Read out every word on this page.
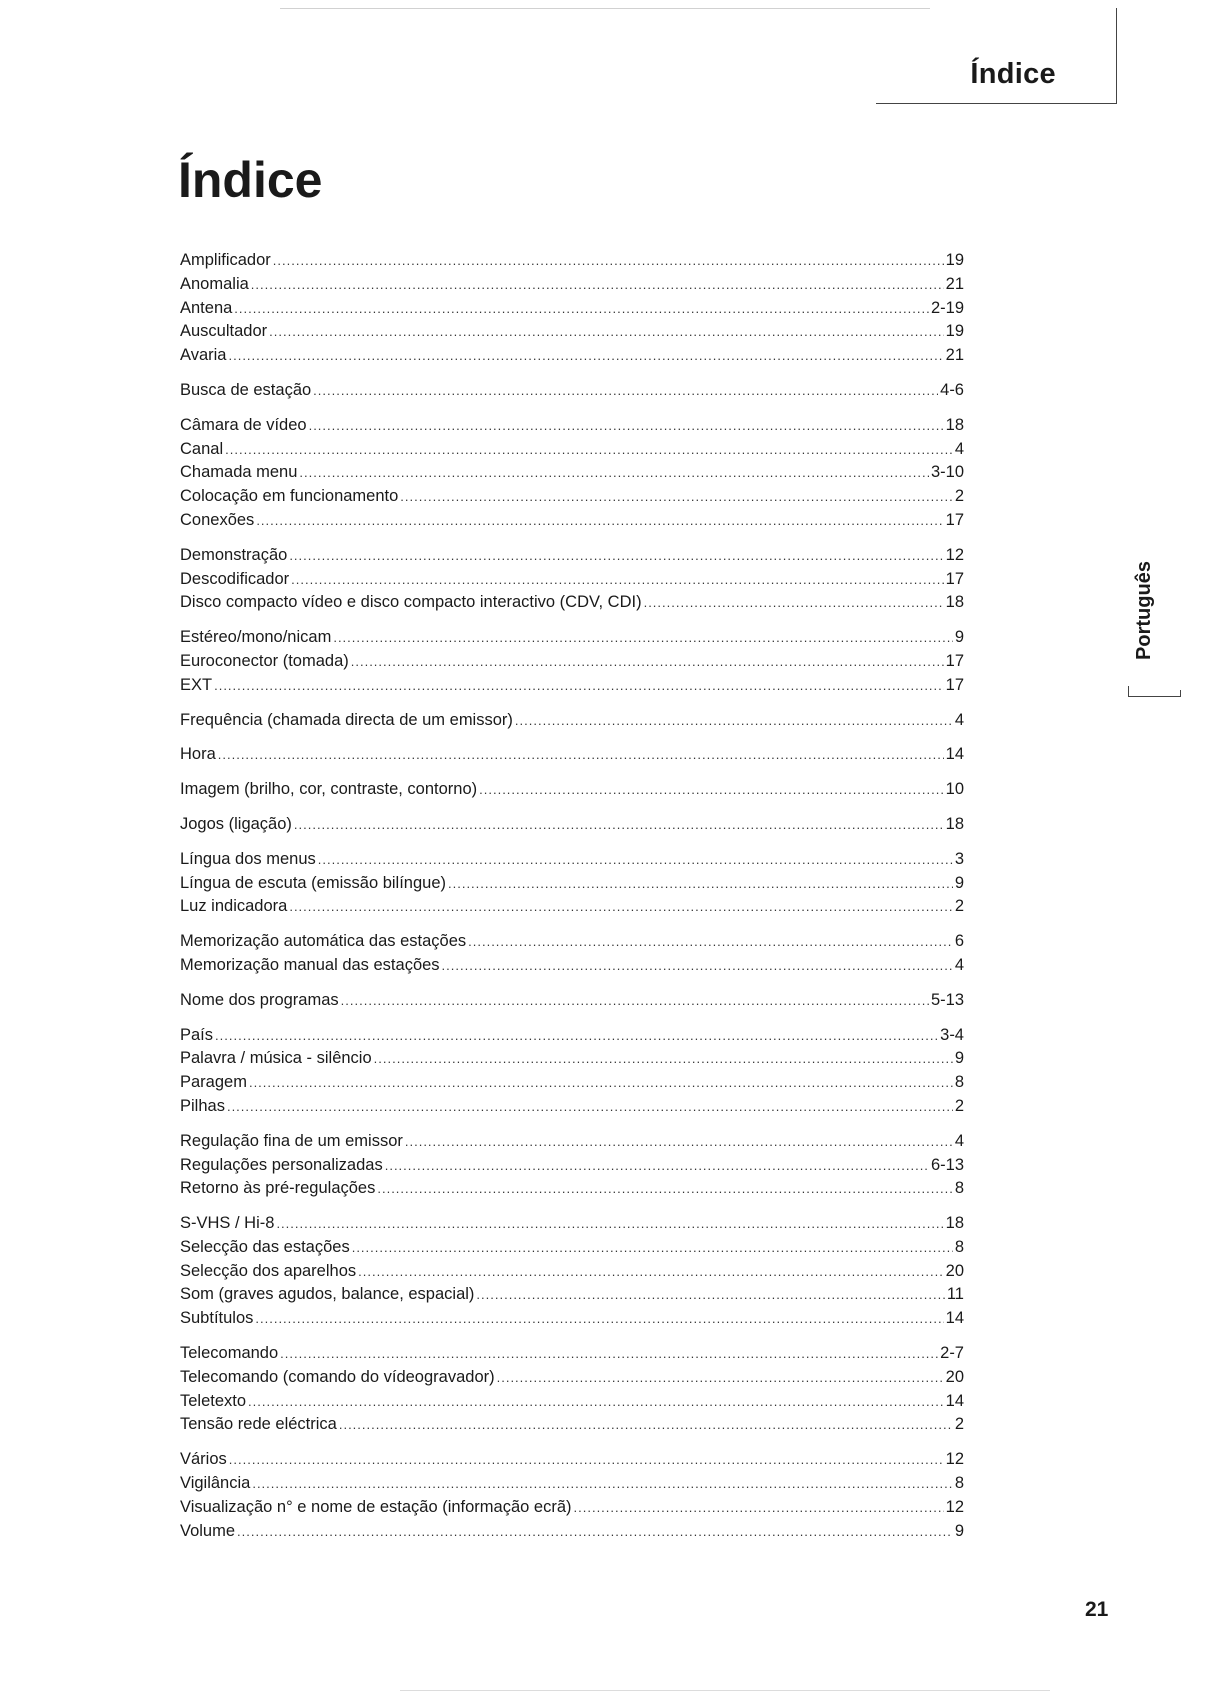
Índice
Índice
Amplificador .....	19
Anomalia .....	21
Antena .....	2-19
Auscultador .....	19
Avaria .....	21
Busca de estação .....	4-6
Câmara de vídeo .....	18
Canal .....	4
Chamada menu .....	3-10
Colocação em funcionamento .....	2
Conexões .....	17
Demonstração .....	12
Descodificador .....	17
Disco compacto vídeo e disco compacto interactivo (CDV, CDI) .....	18
Estéreo/mono/nicam .....	9
Euroconector (tomada) .....	17
EXT .....	17
Frequência (chamada directa de um emissor) .....	4
Hora .....	14
Imagem (brilho, cor, contraste, contorno) .....	10
Jogos (ligação) .....	18
Língua dos menus .....	3
Língua de escuta (emissão bilíngue) .....	9
Luz indicadora .....	2
Memorização automática das estações .....	6
Memorização manual das estações .....	4
Nome dos programas .....	5-13
País .....	3-4
Palavra / música - silêncio .....	9
Paragem .....	8
Pilhas .....	2
Regulação fina de um emissor .....	4
Regulações personalizadas .....	6-13
Retorno às pré-regulações .....	8
S-VHS / Hi-8 .....	18
Selecção das estações .....	8
Selecção dos aparelhos .....	20
Som (graves agudos, balance, espacial) .....	11
Subtítulos .....	14
Telecomando .....	2-7
Telecomando (comando do vídeogravador) .....	20
Teletexto .....	14
Tensão rede eléctrica .....	2
Vários .....	12
Vigilância .....	8
Visualização n° e nome de estação (informação ecrã) .....	12
Volume .....	9
Português
21
